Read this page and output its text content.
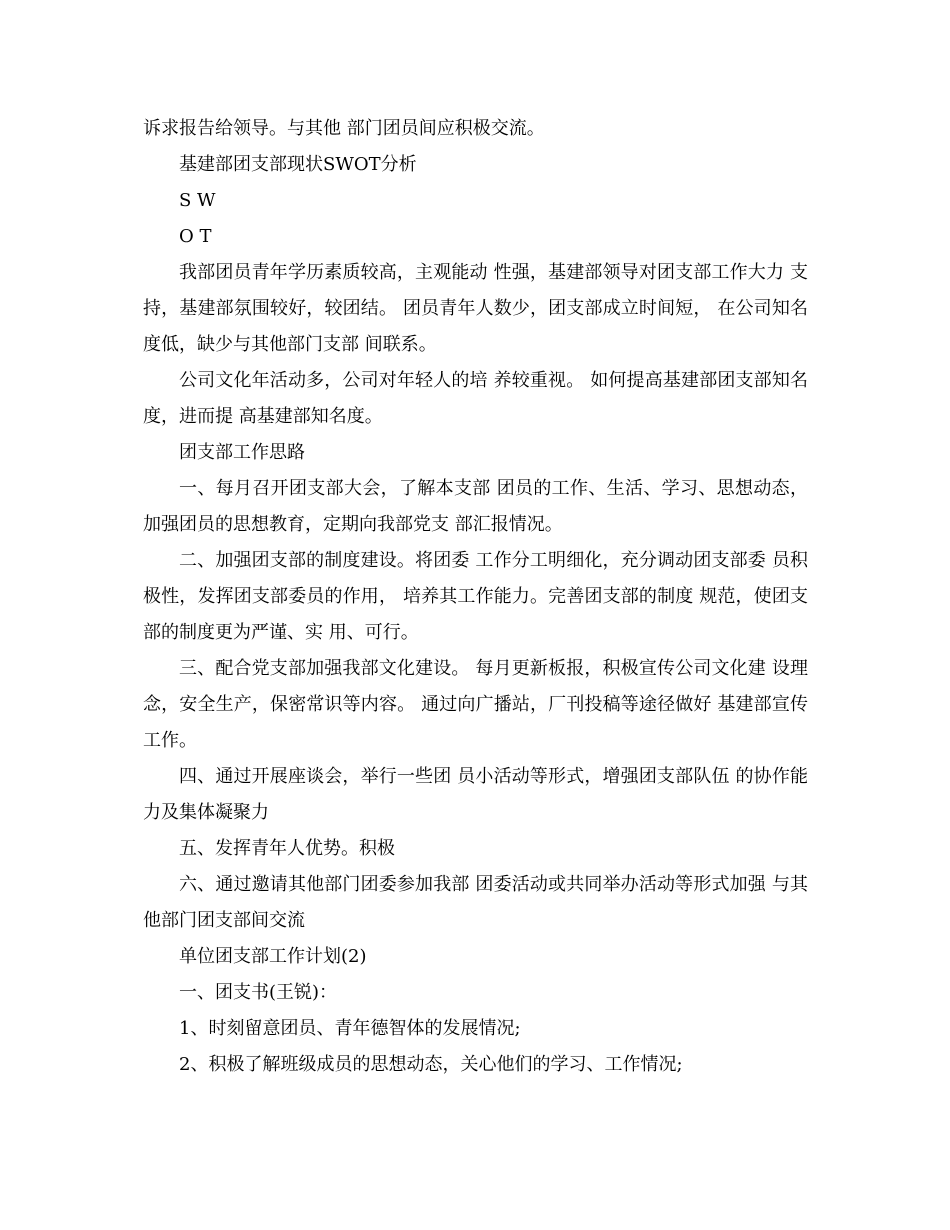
诉求报告给领导。与其他 部门团员间应积极交流。

基建部团支部现状SWOT分析

S W

O T

我部团员青年学历素质较高，主观能动 性强，基建部领导对团支部工作大力 支 持，基建部氛围较好，较团结。 团员青年人数少，团支部成立时间短， 在公司知名度低，缺少与其他部门支部 间联系。

公司文化年活动多，公司对年轻人的培 养较重视。 如何提高基建部团支部知名度，进而提 高基建部知名度。

团支部工作思路

一、每月召开团支部大会，了解本支部 团员的工作、生活、学习、思想动态， 加强团员的思想教育，定期向我部党支 部汇报情况。

二、加强团支部的制度建设。将团委 工作分工明细化，充分调动团支部委 员积极性，发挥团支部委员的作用， 培养其工作能力。完善团支部的制度 规范，使团支部的制度更为严谨、实 用、可行。

三、配合党支部加强我部文化建设。 每月更新板报，积极宣传公司文化建 设理念，安全生产，保密常识等内容。 通过向广播站，厂刊投稿等途径做好 基建部宣传工作。

四、通过开展座谈会，举行一些团 员小活动等形式，增强团支部队伍 的协作能力及集体凝聚力

五、发挥青年人优势。积极

六、通过邀请其他部门团委参加我部 团委活动或共同举办活动等形式加强 与其他部门团支部间交流

单位团支部工作计划(2)

一、团支书(王锐)：

1、时刻留意团员、青年德智体的发展情况;

2、积极了解班级成员的思想动态，关心他们的学习、工作情况;
